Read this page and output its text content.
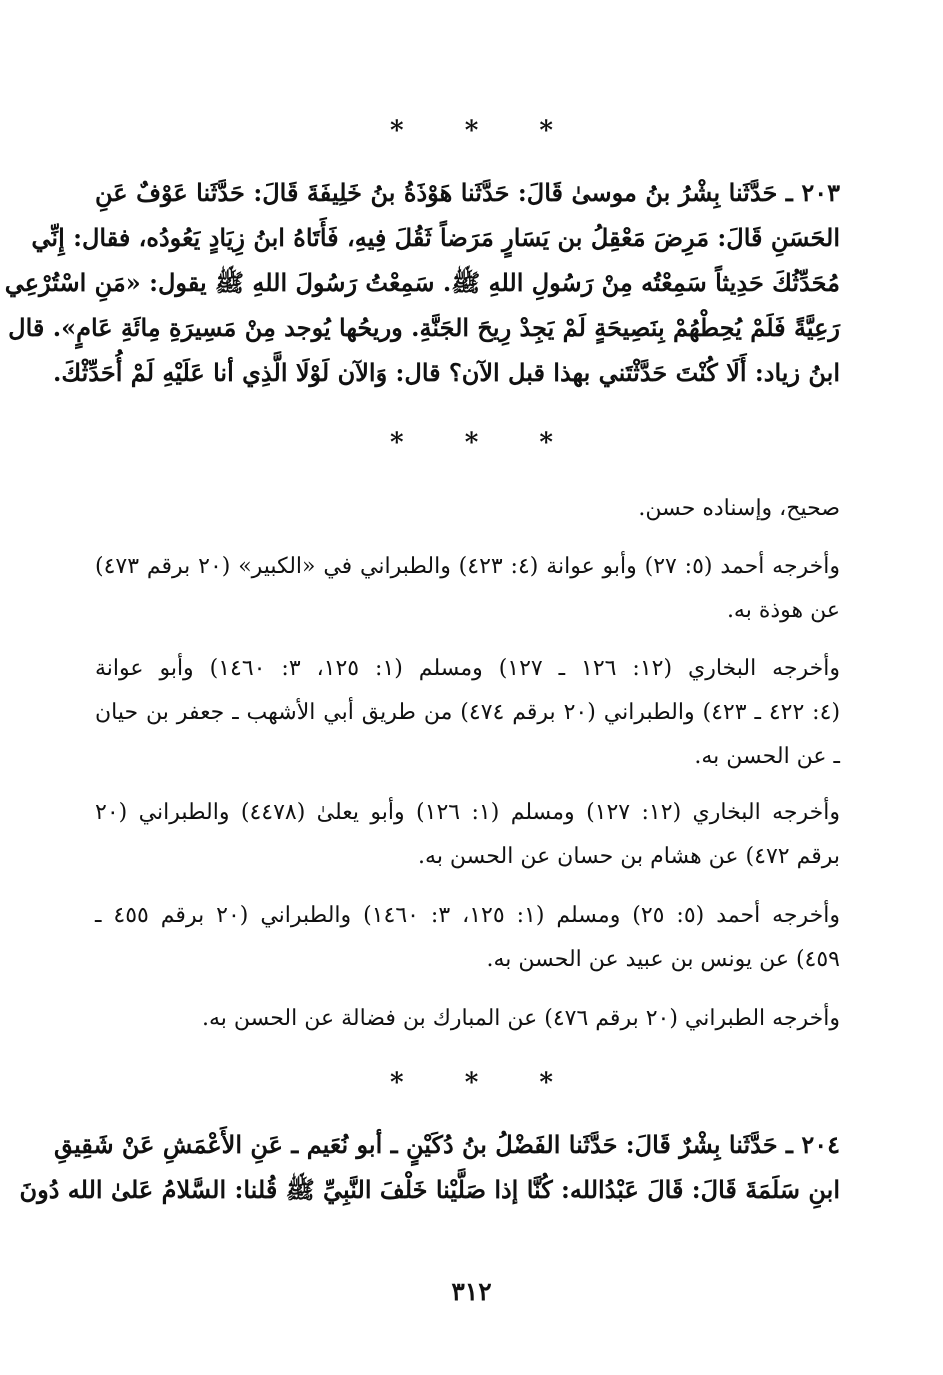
* * *
٢٠٣ ـ حَدَّثَنا بِشْرُ بنُ موسىٰ قَالَ: حَدَّثَنا هَوْذَةُ بنُ خَلِيفَةَ قَالَ: حَدَّثَنا عَوْفٌ عَنِ
الحَسَنِ قَالَ: مَرِضَ مَعْقِلُ بن يَسَارٍ مَرَضاً ثَقُلَ فِيهِ، فَأَتَاهُ ابنُ زِيَادٍ يَعُودُه، فقال: إِنِّي
مُحَدِّثُكَ حَدِيثاً سَمِعْتُه مِنْ رَسُولِ اللهِ ﷺ. سَمِعْتُ رَسُولَ اللهِ ﷺ يقول: «مَنِ اسْتُرْعِي
رَعِيَّةً فَلَمْ يُحِطْهُمْ بِنَصِيحَةٍ لَمْ يَجِدْ رِيحَ الجَنَّةِ. وريحُها يُوجد مِنْ مَسِيرَةِ مِائَةِ عَامٍ». قال
ابنُ زياد: أَلَا كُنْتَ حَدَّثْتَني بهذا قبل الآن؟ قال: وَالآن لَوْلَا الَّذِي أنا عَلَيْهِ لَمْ أُحَدِّثْكَ.
* * *
صحيح، وإسناده حسن.
وأخرجه أحمد (٥: ٢٧) وأبو عوانة (٤: ٤٢٣) والطبراني في «الكبير» (٢٠ برقم ٤٧٣)
عن هوذة به.
وأخرجه البخاري (١٢: ١٢٦ ـ ١٢٧) ومسلم (١: ١٢٥، ٣: ١٤٦٠) وأبو عوانة
(٤: ٤٢٢ ـ ٤٢٣) والطبراني (٢٠ برقم ٤٧٤) من طريق أبي الأشهب ـ جعفر بن حيان
ـ عن الحسن به.
وأخرجه البخاري (١٢: ١٢٧) ومسلم (١: ١٢٦) وأبو يعلىٰ (٤٤٧٨) والطبراني (٢٠
برقم ٤٧٢) عن هشام بن حسان عن الحسن به.
وأخرجه أحمد (٥: ٢٥) ومسلم (١: ١٢٥، ٣: ١٤٦٠) والطبراني (٢٠ برقم ٤٥٥ ـ
٤٥٩) عن يونس بن عبيد عن الحسن به.
وأخرجه الطبراني (٢٠ برقم ٤٧٦) عن المبارك بن فضالة عن الحسن به.
* * *
٢٠٤ ـ حَدَّثَنا بِشْرٌ قَالَ: حَدَّثَنا الفَضْلُ بنُ دُكَيْنٍ ـ أبو نُعَيم ـ عَنِ الأَعْمَشِ عَنْ شَقِيقِ
ابنِ سَلَمَةَ قَالَ: قَالَ عَبْدُالله: كُنَّا إذا صَلَّيْنا خَلْفَ النَّبِيِّ ﷺ قُلنا: السَّلامُ عَلىٰ الله دُونَ
٣١٢
